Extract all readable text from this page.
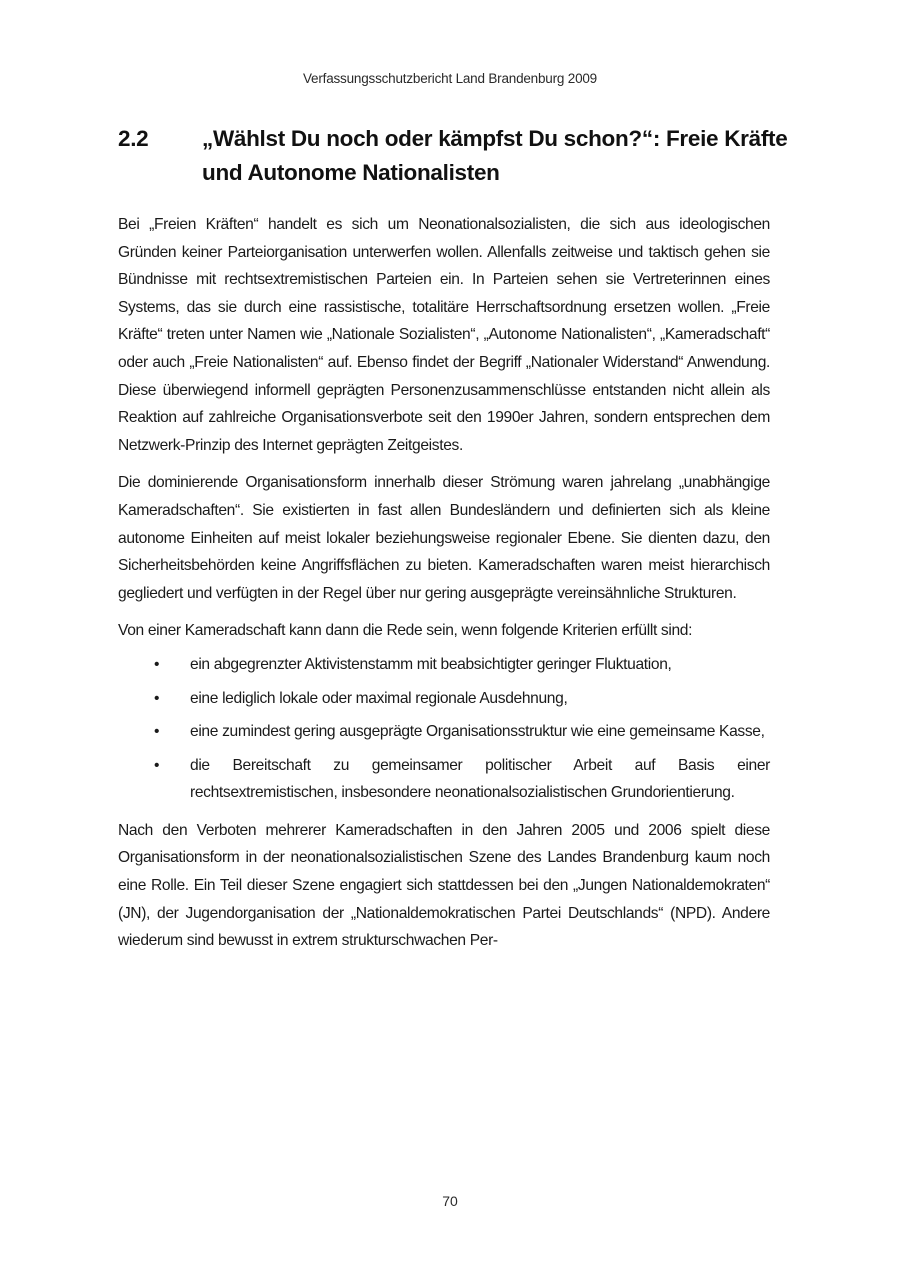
Verfassungsschutzbericht Land Brandenburg 2009
2.2 „Wählst Du noch oder kämpfst Du schon?“: Freie Kräfte und Autonome Nationalisten

Bei „Freien Kräften“ handelt es sich um Neonationalsozialisten, die sich aus ideologischen Gründen keiner Parteiorganisation unterwerfen wollen. Allenfalls zeitweise und taktisch gehen sie Bündnisse mit rechtsextremistischen Parteien ein. In Parteien sehen sie Vertreterinnen eines Systems, das sie durch eine rassistische, totalitäre Herrschaftsordnung ersetzen wollen. „Freie Kräfte“ treten unter Namen wie „Nationale Sozialisten“, „Autonome Nationalisten“, „Kameradschaft“ oder auch „Freie Nationalisten“ auf. Ebenso findet der Begriff „Nationaler Widerstand“ Anwendung. Diese überwiegend informell geprägten Personenzusammenschlüsse entstanden nicht allein als Reaktion auf zahlreiche Organisationsverbote seit den 1990er Jahren, sondern entsprechen dem Netzwerk-Prinzip des Internet geprägten Zeitgeistes.

Die dominierende Organisationsform innerhalb dieser Strömung waren jahrelang „unabhängige Kameradschaften“. Sie existierten in fast allen Bundesländern und definierten sich als kleine autonome Einheiten auf meist lokaler beziehungsweise regionaler Ebene. Sie dienten dazu, den Sicherheitsbehörden keine Angriffsflächen zu bieten. Kameradschaften waren meist hierarchisch gegliedert und verfügten in der Regel über nur gering ausgeprägte vereinsähnliche Strukturen.

Von einer Kameradschaft kann dann die Rede sein, wenn folgende Kriterien erfüllt sind:

• ein abgegrenzter Aktivistenstamm mit beabsichtigter geringer Fluktuation,
• eine lediglich lokale oder maximal regionale Ausdehnung,
• eine zumindest gering ausgeprägte Organisationsstruktur wie eine gemeinsame Kasse,
• die Bereitschaft zu gemeinsamer politischer Arbeit auf Basis einer rechtsextremistischen, insbesondere neonationalsozialistischen Grundorientierung.

Nach den Verboten mehrerer Kameradschaften in den Jahren 2005 und 2006 spielt diese Organisationsform in der neonationalsozialistischen Szene des Landes Brandenburg kaum noch eine Rolle. Ein Teil dieser Szene engagiert sich stattdessen bei den „Jungen Nationaldemokraten“ (JN), der Jugendorganisation der „Nationaldemokratischen Partei Deutschlands“ (NPD). Andere wiederum sind bewusst in extrem strukturschwachen Per-

70
